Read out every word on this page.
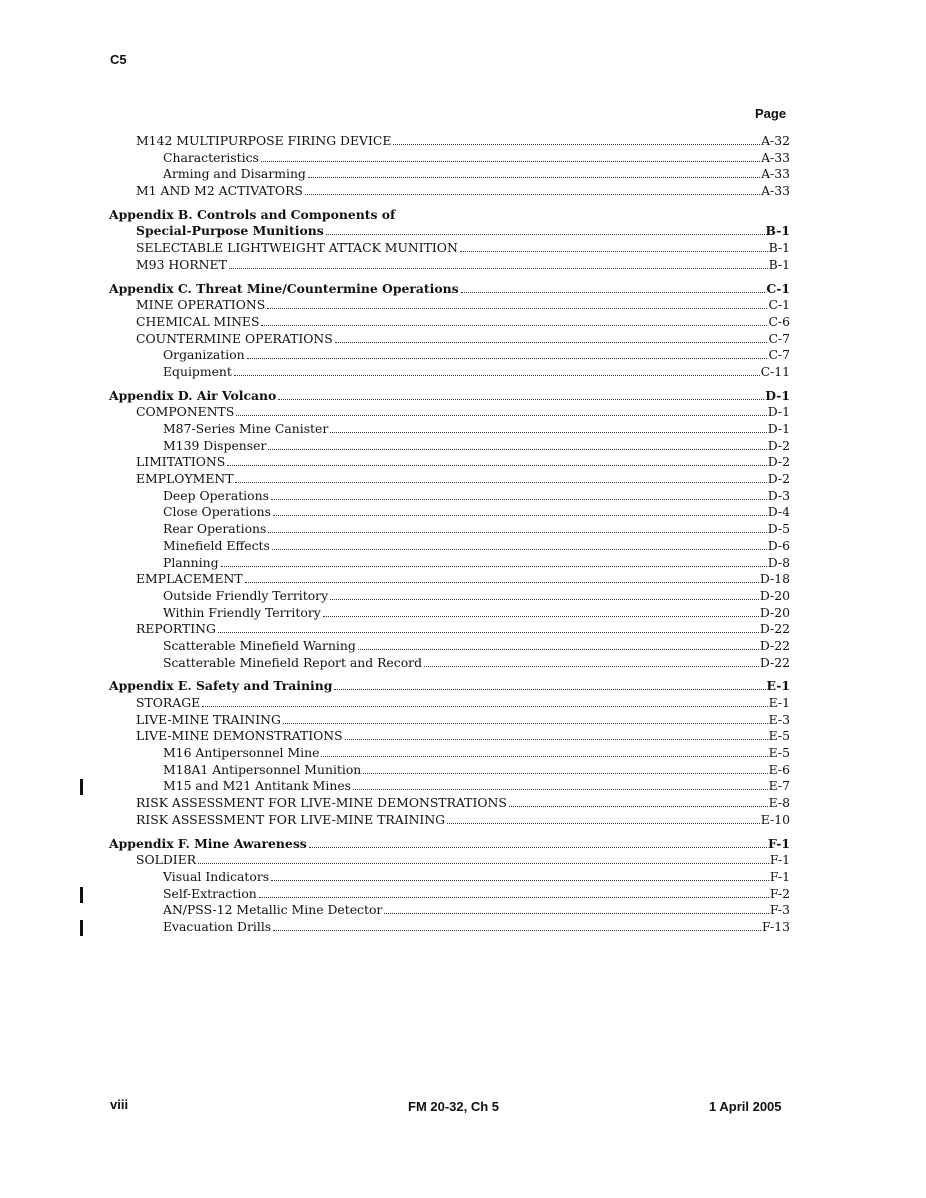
C5
Page
M142 MULTIPURPOSE FIRING DEVICE	A-32
Characteristics	A-33
Arming and Disarming	A-33
M1 AND M2 ACTIVATORS	A-33
Appendix B. Controls and Components of
Special-Purpose Munitions	B-1
SELECTABLE LIGHTWEIGHT ATTACK MUNITION	B-1
M93 HORNET	B-1
Appendix C. Threat Mine/Countermine Operations	C-1
MINE OPERATIONS	C-1
CHEMICAL MINES	C-6
COUNTERMINE OPERATIONS	C-7
Organization	C-7
Equipment	C-11
Appendix D. Air Volcano	D-1
COMPONENTS	D-1
M87-Series Mine Canister	D-1
M139 Dispenser	D-2
LIMITATIONS	D-2
EMPLOYMENT	D-2
Deep Operations	D-3
Close Operations	D-4
Rear Operations	D-5
Minefield Effects	D-6
Planning	D-8
EMPLACEMENT	D-18
Outside Friendly Territory	D-20
Within Friendly Territory	D-20
REPORTING	D-22
Scatterable Minefield Warning	D-22
Scatterable Minefield Report and Record	D-22
Appendix E. Safety and Training	E-1
STORAGE	E-1
LIVE-MINE TRAINING	E-3
LIVE-MINE DEMONSTRATIONS	E-5
M16 Antipersonnel Mine	E-5
M18A1 Antipersonnel Munition	E-6
M15 and M21 Antitank Mines	E-7
RISK ASSESSMENT FOR LIVE-MINE DEMONSTRATIONS	E-8
RISK ASSESSMENT FOR LIVE-MINE TRAINING	E-10
Appendix F. Mine Awareness	F-1
SOLDIER	F-1
Visual Indicators	F-1
Self-Extraction	F-2
AN/PSS-12 Metallic Mine Detector	F-3
Evacuation Drills	F-13
viii	FM 20-32, Ch 5	1 April 2005
